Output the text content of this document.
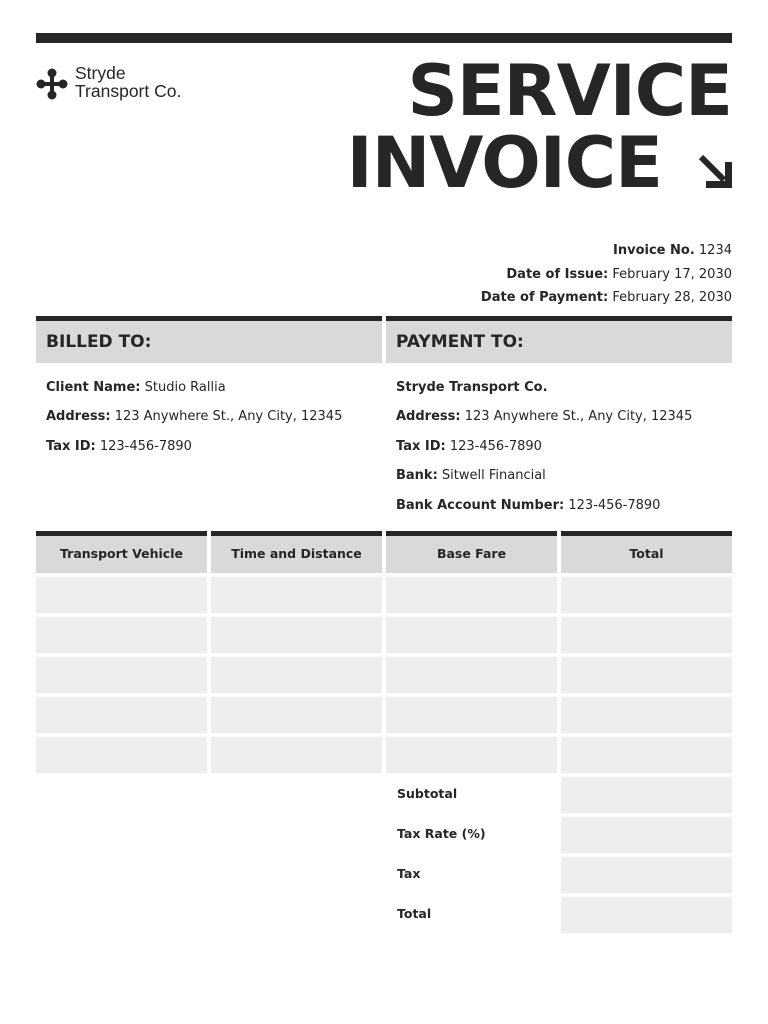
Stryde
Transport Co.	SERVICE
INVOICE
Invoice No. 1234
Date of Issue: February 17, 2030
Date of Payment: February 28, 2030
BILLED TO:
Client Name: Studio Rallia
Address: 123 Anywhere St., Any City, 12345
Tax ID: 123-456-7890
PAYMENT TO:
Stryde Transport Co.
Address: 123 Anywhere St., Any City, 12345
Tax ID: 123-456-7890
Bank: Sitwell Financial
Bank Account Number: 123-456-7890
Transport Vehicle	Time and Distance	Base Fare	Total
Subtotal
Tax Rate (%)
Tax
Total
